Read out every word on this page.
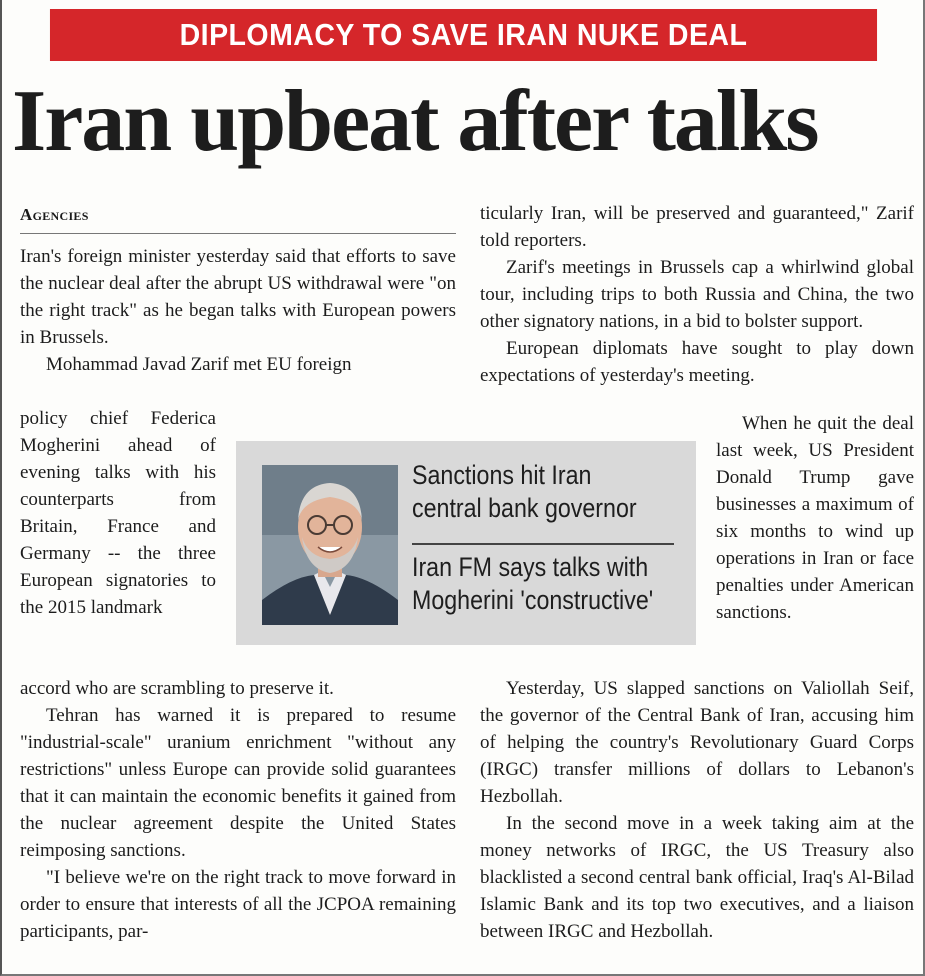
DIPLOMACY TO SAVE IRAN NUKE DEAL
Iran upbeat after talks
Agencies

Iran's foreign minister yesterday said that efforts to save the nuclear deal after the abrupt US withdrawal were "on the right track" as he began talks with European powers in Brussels.

Mohammad Javad Zarif met EU foreign

policy chief Federica Mogherini ahead of evening talks with his counterparts from Britain, France and Germany -- the three European signatories to the 2015 landmark

accord who are scrambling to preserve it.

Tehran has warned it is prepared to resume "industrial-scale" uranium enrichment "without any restrictions" unless Europe can provide solid guarantees that it can maintain the economic benefits it gained from the nuclear agreement despite the United States reimposing sanctions.

"I believe we're on the right track to move forward in order to ensure that interests of all the JCPOA remaining participants, par-

ticularly Iran, will be preserved and guaranteed," Zarif told reporters.

Zarif's meetings in Brussels cap a whirlwind global tour, including trips to both Russia and China, the two other signatory nations, in a bid to bolster support.

European diplomats have sought to play down expectations of yesterday's meeting.

When he quit the deal last week, US President Donald Trump gave businesses a maximum of six months to wind up operations in Iran or face penalties under American sanctions.

Yesterday, US slapped sanctions on Valiollah Seif, the governor of the Central Bank of Iran, accusing him of helping the country's Revolutionary Guard Corps (IRGC) transfer millions of dollars to Lebanon's Hezbollah.

In the second move in a week taking aim at the money networks of IRGC, the US Treasury also blacklisted a second central bank official, Iraq's Al-Bilad Islamic Bank and its top two executives, and a liaison between IRGC and Hezbollah.

Sanctions hit Iran
central bank governor
Iran FM says talks with
Mogherini 'constructive'
